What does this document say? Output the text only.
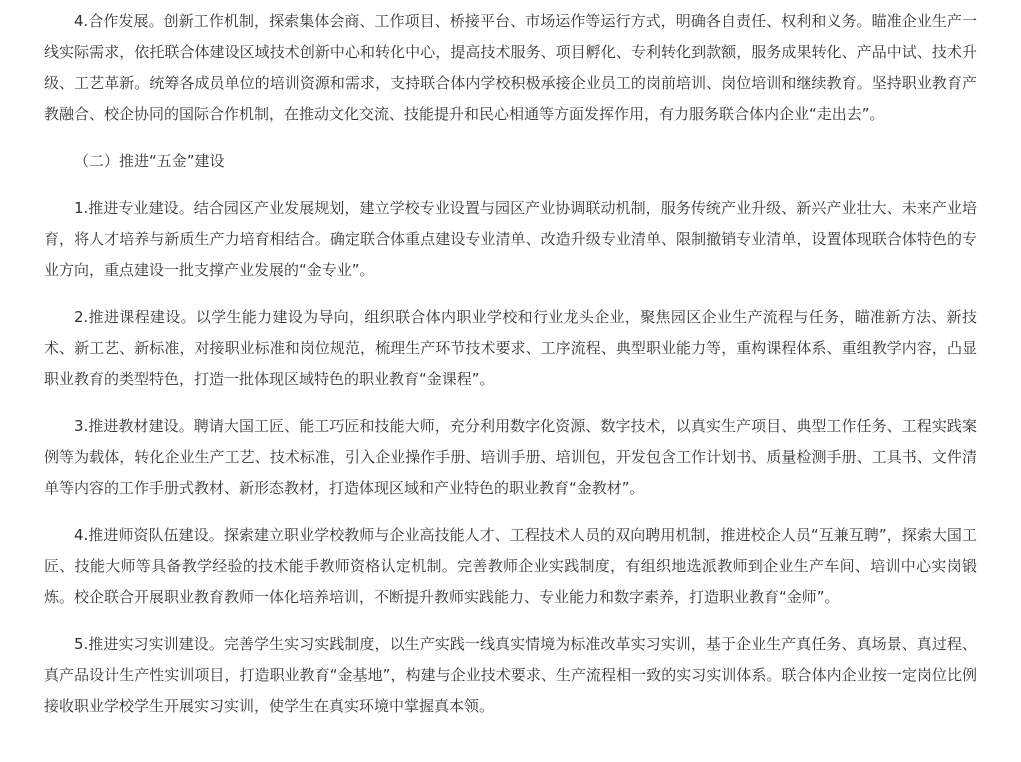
4.合作发展。创新工作机制，探索集体会商、工作项目、桥接平台、市场运作等运行方式，明确各自责任、权利和义务。瞄准企业生产一线实际需求，依托联合体建设区域技术创新中心和转化中心，提高技术服务、项目孵化、专利转化到款额，服务成果转化、产品中试、技术升级、工艺革新。统筹各成员单位的培训资源和需求，支持联合体内学校积极承接企业员工的岗前培训、岗位培训和继续教育。坚持职业教育产教融合、校企协同的国际合作机制，在推动文化交流、技能提升和民心相通等方面发挥作用，有力服务联合体内企业“走出去”。

（二）推进“五金”建设

1.推进专业建设。结合园区产业发展规划，建立学校专业设置与园区产业协调联动机制，服务传统产业升级、新兴产业壮大、未来产业培育，将人才培养与新质生产力培育相结合。确定联合体重点建设专业清单、改造升级专业清单、限制撤销专业清单，设置体现联合体特色的专业方向，重点建设一批支撑产业发展的“金专业”。

2.推进课程建设。以学生能力建设为导向，组织联合体内职业学校和行业龙头企业，聚焦园区企业生产流程与任务，瞄准新方法、新技术、新工艺、新标准，对接职业标准和岗位规范，梳理生产环节技术要求、工序流程、典型职业能力等，重构课程体系、重组教学内容，凸显职业教育的类型特色，打造一批体现区域特色的职业教育“金课程”。

3.推进教材建设。聘请大国工匠、能工巧匠和技能大师，充分利用数字化资源、数字技术，以真实生产项目、典型工作任务、工程实践案例等为载体，转化企业生产工艺、技术标准，引入企业操作手册、培训手册、培训包，开发包含工作计划书、质量检测手册、工具书、文件清单等内容的工作手册式教材、新形态教材，打造体现区域和产业特色的职业教育“金教材”。

4.推进师资队伍建设。探索建立职业学校教师与企业高技能人才、工程技术人员的双向聘用机制，推进校企人员“互兼互聘”，探索大国工匠、技能大师等具备教学经验的技术能手教师资格认定机制。完善教师企业实践制度，有组织地选派教师到企业生产车间、培训中心实岗锻炼。校企联合开展职业教育教师一体化培养培训，不断提升教师实践能力、专业能力和数字素养，打造职业教育“金师”。

5.推进实习实训建设。完善学生实习实践制度，以生产实践一线真实情境为标准改革实习实训，基于企业生产真任务、真场景、真过程、真产品设计生产性实训项目，打造职业教育“金基地”，构建与企业技术要求、生产流程相一致的实习实训体系。联合体内企业按一定岗位比例接收职业学校学生开展实习实训，使学生在真实环境中掌握真本领。
